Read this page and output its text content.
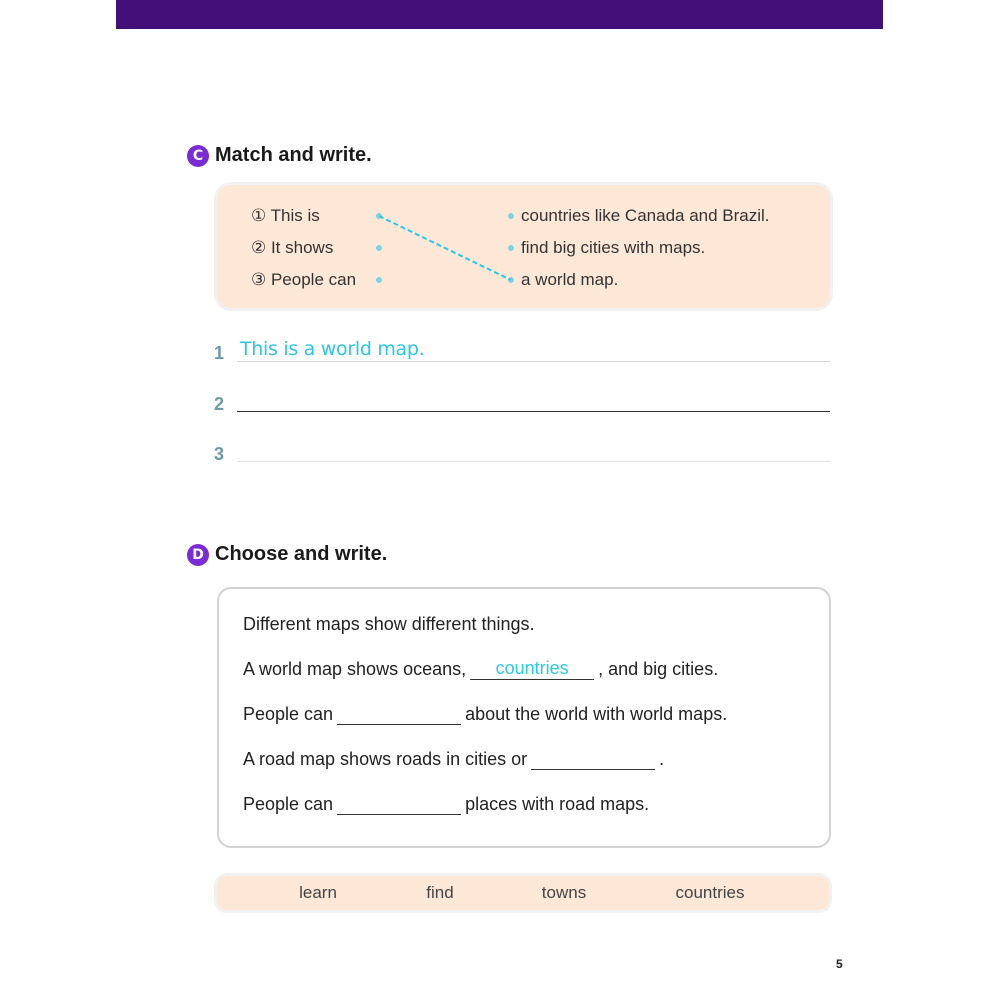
C Match and write.
① This is
② It shows
③ People can
countries like Canada and Brazil.
find big cities with maps.
a world map.
1 This is a world map.
2
3
D Choose and write.
Different maps show different things.
A world map shows oceans,	countries	, and big cities.
People can	about the world with world maps.
A road map shows roads in cities or	.
People can	places with road maps.
learn	find	towns	countries
5
